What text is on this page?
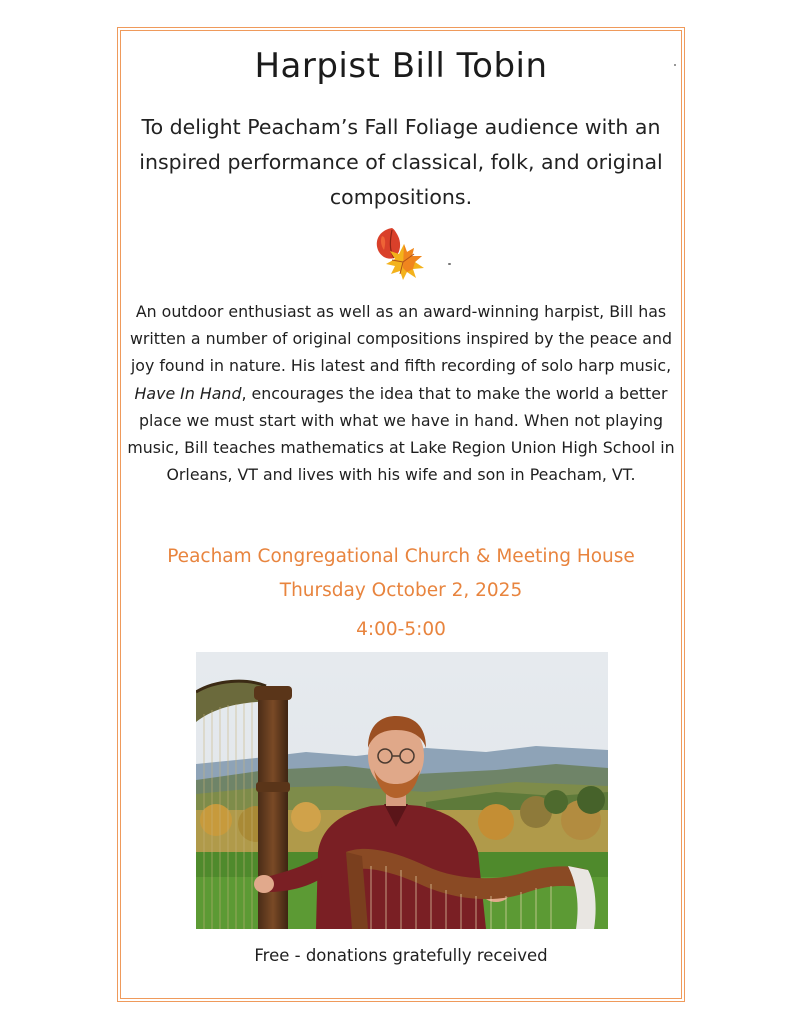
Harpist Bill Tobin
To delight Peacham’s Fall Foliage audience with an inspired performance of classical, folk, and original compositions.
An outdoor enthusiast as well as an award-winning harpist, Bill has written a number of original compositions inspired by the peace and joy found in nature. His latest and fifth recording of solo harp music, Have In Hand, encourages the idea that to make the world a better place we must start with what we have in hand. When not playing music, Bill teaches mathematics at Lake Region Union High School in Orleans, VT and lives with his wife and son in Peacham, VT.
Peacham Congregational Church & Meeting House
Thursday October 2, 2025
4:00-5:00
Free - donations gratefully received
